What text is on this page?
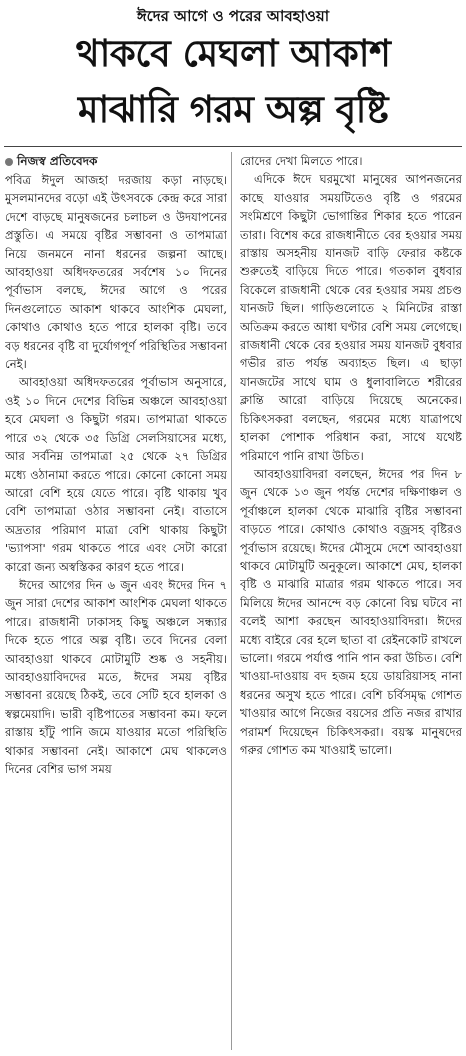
ঈদের আগে ও পরের আবহাওয়া
থাকবে মেঘলা আকাশ
মাঝারি গরম অল্প বৃষ্টি
নিজস্ব প্রতিবেদক

পবিত্র ঈদুল আজহা দরজায় কড়া নাড়ছে। মুসলমানদের বড়ো এই উৎসবকে কেন্দ্র করে সারা দেশে বাড়ছে মানুষজনের চলাচল ও উদযাপনের প্রস্তুতি। এ সময়ে বৃষ্টির সম্ভাবনা ও তাপমাত্রা নিয়ে জনমনে নানা ধরনের জল্পনা আছে। আবহাওয়া অধিদফতরের সর্বশেষ ১০ দিনের পূর্বাভাস বলছে, ঈদের আগে ও পরের দিনগুলোতে আকাশ থাকবে আংশিক মেঘলা, কোথাও কোথাও হতে পারে হালকা বৃষ্টি। তবে বড় ধরনের বৃষ্টি বা দুর্যোগপূর্ণ পরিস্থিতির সম্ভাবনা নেই।

আবহাওয়া অধিদফতরের পূর্বাভাস অনুসারে, ওই ১০ দিনে দেশের বিভিন্ন অঞ্চলে আবহাওয়া হবে মেঘলা ও কিছুটা গরম। তাপমাত্রা থাকতে পারে ৩২ থেকে ৩৫ ডিগ্রি সেলসিয়াসের মধ্যে, আর সর্বনিম্ন তাপমাত্রা ২৫ থেকে ২৭ ডিগ্রির মধ্যে ওঠানামা করতে পারে। কোনো কোনো সময় আরো বেশি হয়ে যেতে পারে। বৃষ্টি থাকায় খুব বেশি তাপমাত্রা ওঠার সম্ভাবনা নেই। বাতাসে অদ্রতার পরিমাণ মাত্রা বেশি থাকায় কিছুটা 'ভ্যাপসা' গরম থাকতে পারে এবং সেটা কারো কারো জন্য অস্বস্তিকর কারণ হতে পারে।

ঈদের আগের দিন ৬ জুন এবং ঈদের দিন ৭ জুন সারা দেশের আকাশ আংশিক মেঘলা থাকতে পারে। রাজধানী ঢাকাসহ কিছু অঞ্চলে সন্ধ্যার দিকে হতে পারে অল্প বৃষ্টি। তবে দিনের বেলা আবহাওয়া থাকবে মোটামুটি শুষ্ক ও সহনীয়। আবহাওয়াবিদদের মতে, ঈদের সময় বৃষ্টির সম্ভাবনা রয়েছে ঠিকই, তবে সেটি হবে হালকা ও স্বল্পমেয়াদি। ভারী বৃষ্টিপাতের সম্ভাবনা কম। ফলে রাস্তায় হাঁটু পানি জমে যাওয়ার মতো পরিস্থিতি থাকার সম্ভাবনা নেই। আকাশে মেঘ থাকলেও দিনের বেশির ভাগ সময়

রোদের দেখা মিলতে পারে।

এদিকে ঈদে ঘরমুখো মানুষের আপনজনের কাছে যাওয়ার সময়টিতেও বৃষ্টি ও গরমের সংমিশ্রণে কিছুটা ভোগান্তির শিকার হতে পারেন তারা। বিশেষ করে রাজধানীতে বের হওয়ার সময় রাস্তায় অসহনীয় যানজট বাড়ি ফেরার কষ্টকে শুরুতেই বাড়িয়ে দিতে পারে। গতকাল বুধবার বিকেলে রাজধানী থেকে বের হওয়ার সময় প্রচণ্ড যানজট ছিল। গাড়িগুলোতে ২ মিনিটের রাস্তা অতিক্রম করতে আধা ঘণ্টার বেশি সময় লেগেছে। রাজধানী থেকে বের হওয়ার সময় যানজট বুধবার গভীর রাত পর্যন্ত অব্যাহত ছিল। এ ছাড়া যানজটের সাথে ঘাম ও ধুলাবালিতে শরীরের ক্লান্তি আরো বাড়িয়ে দিয়েছে অনেকের। চিকিৎসকরা বলছেন, গরমের মধ্যে যাত্রাপথে হালকা পোশাক পরিধান করা, সাথে যথেষ্ট পরিমাণে পানি রাখা উচিত।

আবহাওয়াবিদরা বলছেন, ঈদের পর দিন ৮ জুন থেকে ১৩ জুন পর্যন্ত দেশের দক্ষিণাঞ্চল ও পূর্বাঞ্চলে হালকা থেকে মাঝারি বৃষ্টির সম্ভাবনা বাড়তে পারে। কোথাও কোথাও বজ্রসহ বৃষ্টিরও পূর্বাভাস রয়েছে। ঈদের মৌসুমে দেশে আবহাওয়া থাকবে মোটামুটি অনুকূলে। আকাশে মেঘ, হালকা বৃষ্টি ও মাঝারি মাত্রার গরম থাকতে পারে। সব মিলিয়ে ঈদের আনন্দে বড় কোনো বিঘ্ন ঘটবে না বলেই আশা করছেন আবহাওয়াবিদরা। ঈদের মধ্যে বাইরে বের হলে ছাতা বা রেইনকোট রাখলে ভালো। গরমে পর্যাপ্ত পানি পান করা উচিত। বেশি খাওয়া-দাওয়ায় বদ হজম হয়ে ডায়রিয়াসহ নানা ধরনের অসুখ হতে পারে। বেশি চর্বিসমৃদ্ধ গোশত খাওয়ার আগে নিজের বয়সের প্রতি নজর রাখার পরামর্শ দিয়েছেন চিকিৎসকরা। বয়স্ক মানুষদের গরুর গোশত কম খাওয়াই ভালো।
